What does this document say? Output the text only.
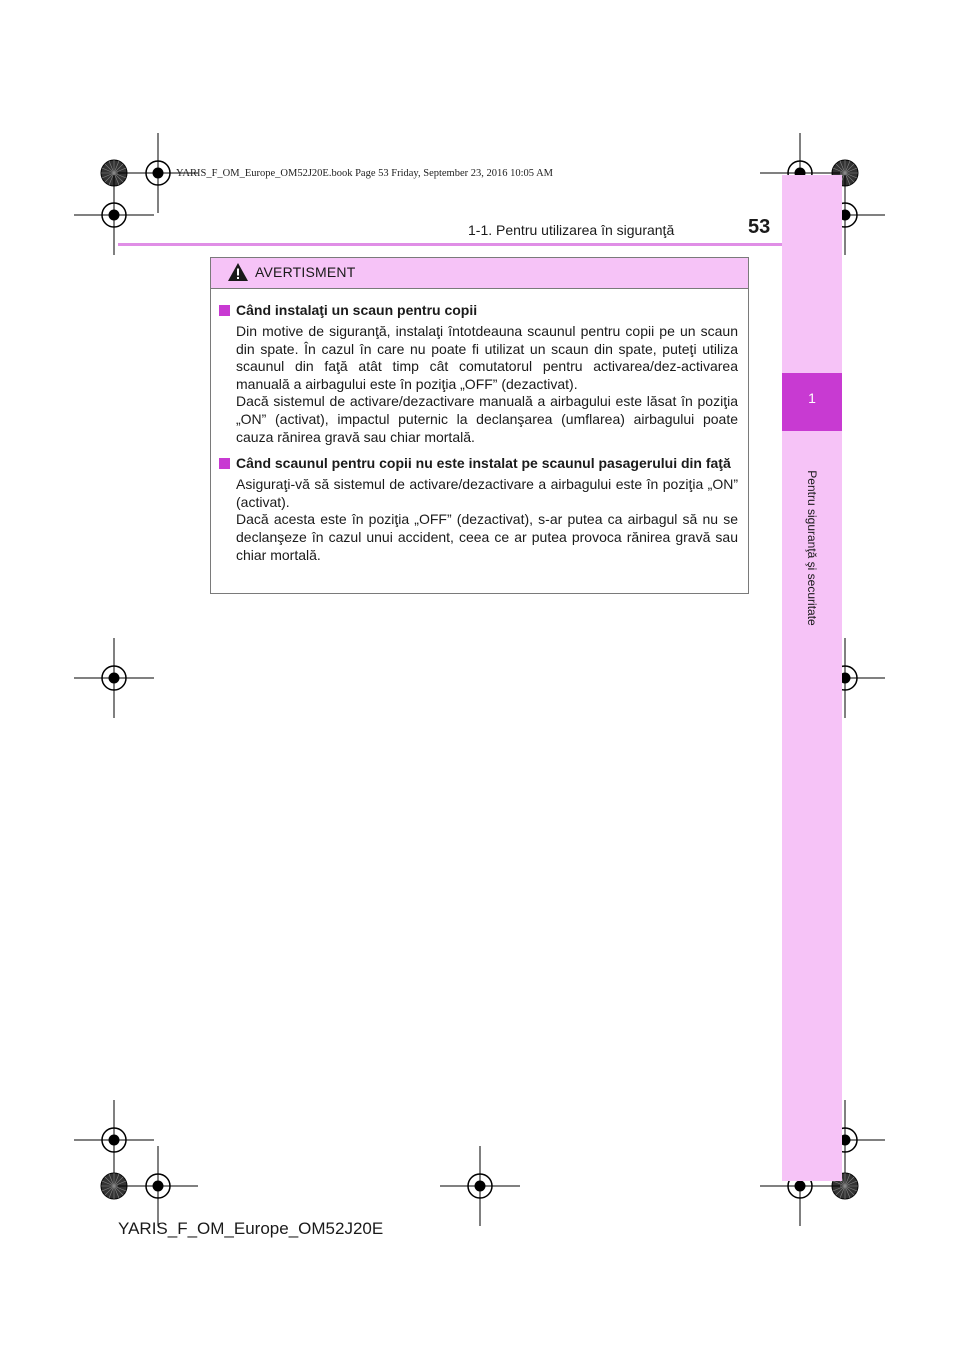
YARIS_F_OM_Europe_OM52J20E.book Page 53 Friday, September 23, 2016 10:05 AM
1
Pentru siguranţă şi securitate
1-1. Pentru utilizarea în siguranţă	53
AVERTISMENT
Când instalaţi un scaun pentru copii

Din motive de siguranţă, instalaţi întotdeauna scaunul pentru copii pe un scaun din spate. În cazul în care nu poate fi utilizat un scaun din spate, puteţi utiliza scaunul din faţă atât timp cât comutatorul pentru activarea/dez-activarea manuală a airbagului este în poziţia „OFF” (dezactivat).

Dacă sistemul de activare/dezactivare manuală a airbagului este lăsat în poziţia „ON” (activat), impactul puternic la declanşarea (umflarea) airbagului poate cauza rănirea gravă sau chiar mortală.

Când scaunul pentru copii nu este instalat pe scaunul pasagerului din faţă

Asiguraţi-vă să sistemul de activare/dezactivare a airbagului este în poziţia „ON” (activat).

Dacă acesta este în poziţia „OFF” (dezactivat), s-ar putea ca airbagul să nu se declanşeze în cazul unui accident, ceea ce ar putea provoca rănirea gravă sau chiar mortală.

YARIS_F_OM_Europe_OM52J20E
